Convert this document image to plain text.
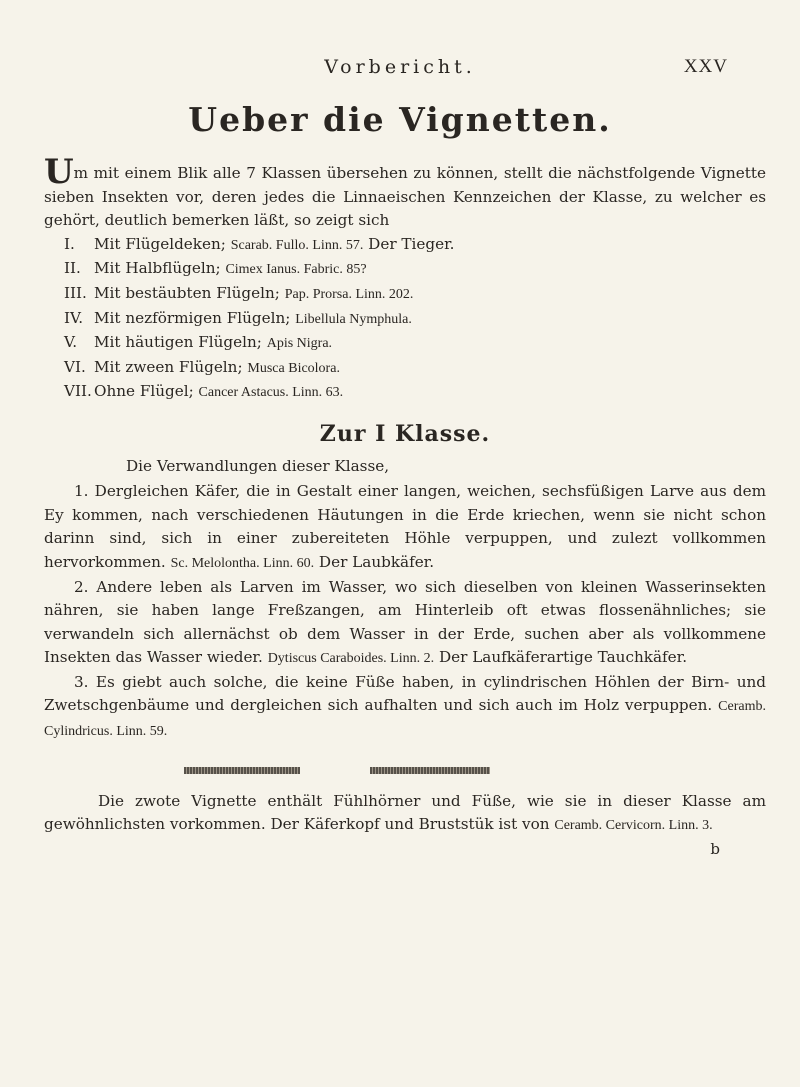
Vorbericht.	XXV
Ueber die Vignetten.

Um mit einem Blik alle 7 Klassen übersehen zu können, stellt die nächstfolgende Vignette sieben Insekten vor, deren jedes die Linnaeischen Kennzeichen der Klasse, zu welcher es gehört, deutlich bemerken läßt, so zeigt sich

I. Mit Flügeldeken; Scarab. Fullo. Linn. 57. Der Tieger.
II. Mit Halbflügeln; Cimex Ianus. Fabric. 85?
III. Mit bestäubten Flügeln; Pap. Prorsa. Linn. 202.
IV. Mit nezförmigen Flügeln; Libellula Nymphula.
V. Mit häutigen Flügeln; Apis Nigra.
VI. Mit zween Flügeln; Musca Bicolora.
VII. Ohne Flügel; Cancer Astacus. Linn. 63.
Zur I Klasse.

Die Verwandlungen dieser Klasse,

1. Dergleichen Käfer, die in Gestalt einer langen, weichen, sechsfüßigen Larve aus dem Ey kommen, nach verschiedenen Häutungen in die Erde kriechen, wenn sie nicht schon darinn sind, sich in einer zubereiteten Höhle verpuppen, und zulezt vollkommen hervorkommen. Sc. Melolontha. Linn. 60. Der Laubkäfer.

2. Andere leben als Larven im Wasser, wo sich dieselben von kleinen Wasserinsekten nähren, sie haben lange Freßzangen, am Hinterleib oft etwas flossenähnliches; sie verwandeln sich allernächst ob dem Wasser in der Erde, suchen aber als vollkommene Insekten das Wasser wieder. Dytiscus Caraboides. Linn. 2. Der Laufkäferartige Tauchkäfer.

3. Es giebt auch solche, die keine Füße haben, in cylindrischen Höhlen der Birn- und Zwetschgenbäume und dergleichen sich aufhalten und sich auch im Holz verpuppen. Ceramb. Cylindricus. Linn. 59.

Die zwote Vignette enthält Fühlhörner und Füße, wie sie in dieser Klasse am gewöhnlichsten vorkommen. Der Käferkopf und Bruststük ist von Ceramb. Cervicorn. Linn. 3.

b
